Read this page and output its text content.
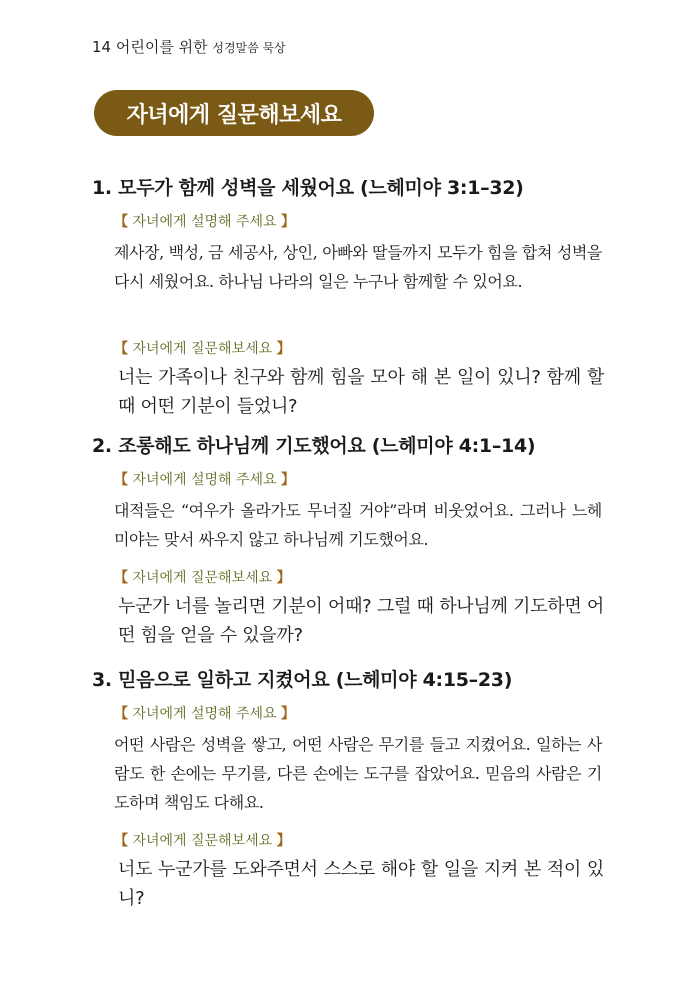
14 어린이를 위한 성경말씀 묵상
자녀에게 질문해보세요
1. 모두가 함께 성벽을 세웠어요 (느헤미야 3:1–32)
【 자녀에게 설명해 주세요 】
제사장, 백성, 금 세공사, 상인, 아빠와 딸들까지 모두가 힘을 합쳐 성벽을 다시 세웠어요. 하나님 나라의 일은 누구나 함께할 수 있어요.
【 자녀에게 질문해보세요 】
너는 가족이나 친구와 함께 힘을 모아 해 본 일이 있니? 함께 할 때 어떤 기분이 들었니?
2. 조롱해도 하나님께 기도했어요 (느헤미야 4:1–14)
【 자녀에게 설명해 주세요 】
대적들은 “여우가 올라가도 무너질 거야”라며 비웃었어요. 그러나 느헤미야는 맞서 싸우지 않고 하나님께 기도했어요.
【 자녀에게 질문해보세요 】
누군가 너를 놀리면 기분이 어때? 그럴 때 하나님께 기도하면 어떤 힘을 얻을 수 있을까?
3. 믿음으로 일하고 지켰어요 (느헤미야 4:15–23)
【 자녀에게 설명해 주세요 】
어떤 사람은 성벽을 쌓고, 어떤 사람은 무기를 들고 지켰어요. 일하는 사람도 한 손에는 무기를, 다른 손에는 도구를 잡았어요. 믿음의 사람은 기도하며 책임도 다해요.
【 자녀에게 질문해보세요 】
너도 누군가를 도와주면서 스스로 해야 할 일을 지켜 본 적이 있니?
